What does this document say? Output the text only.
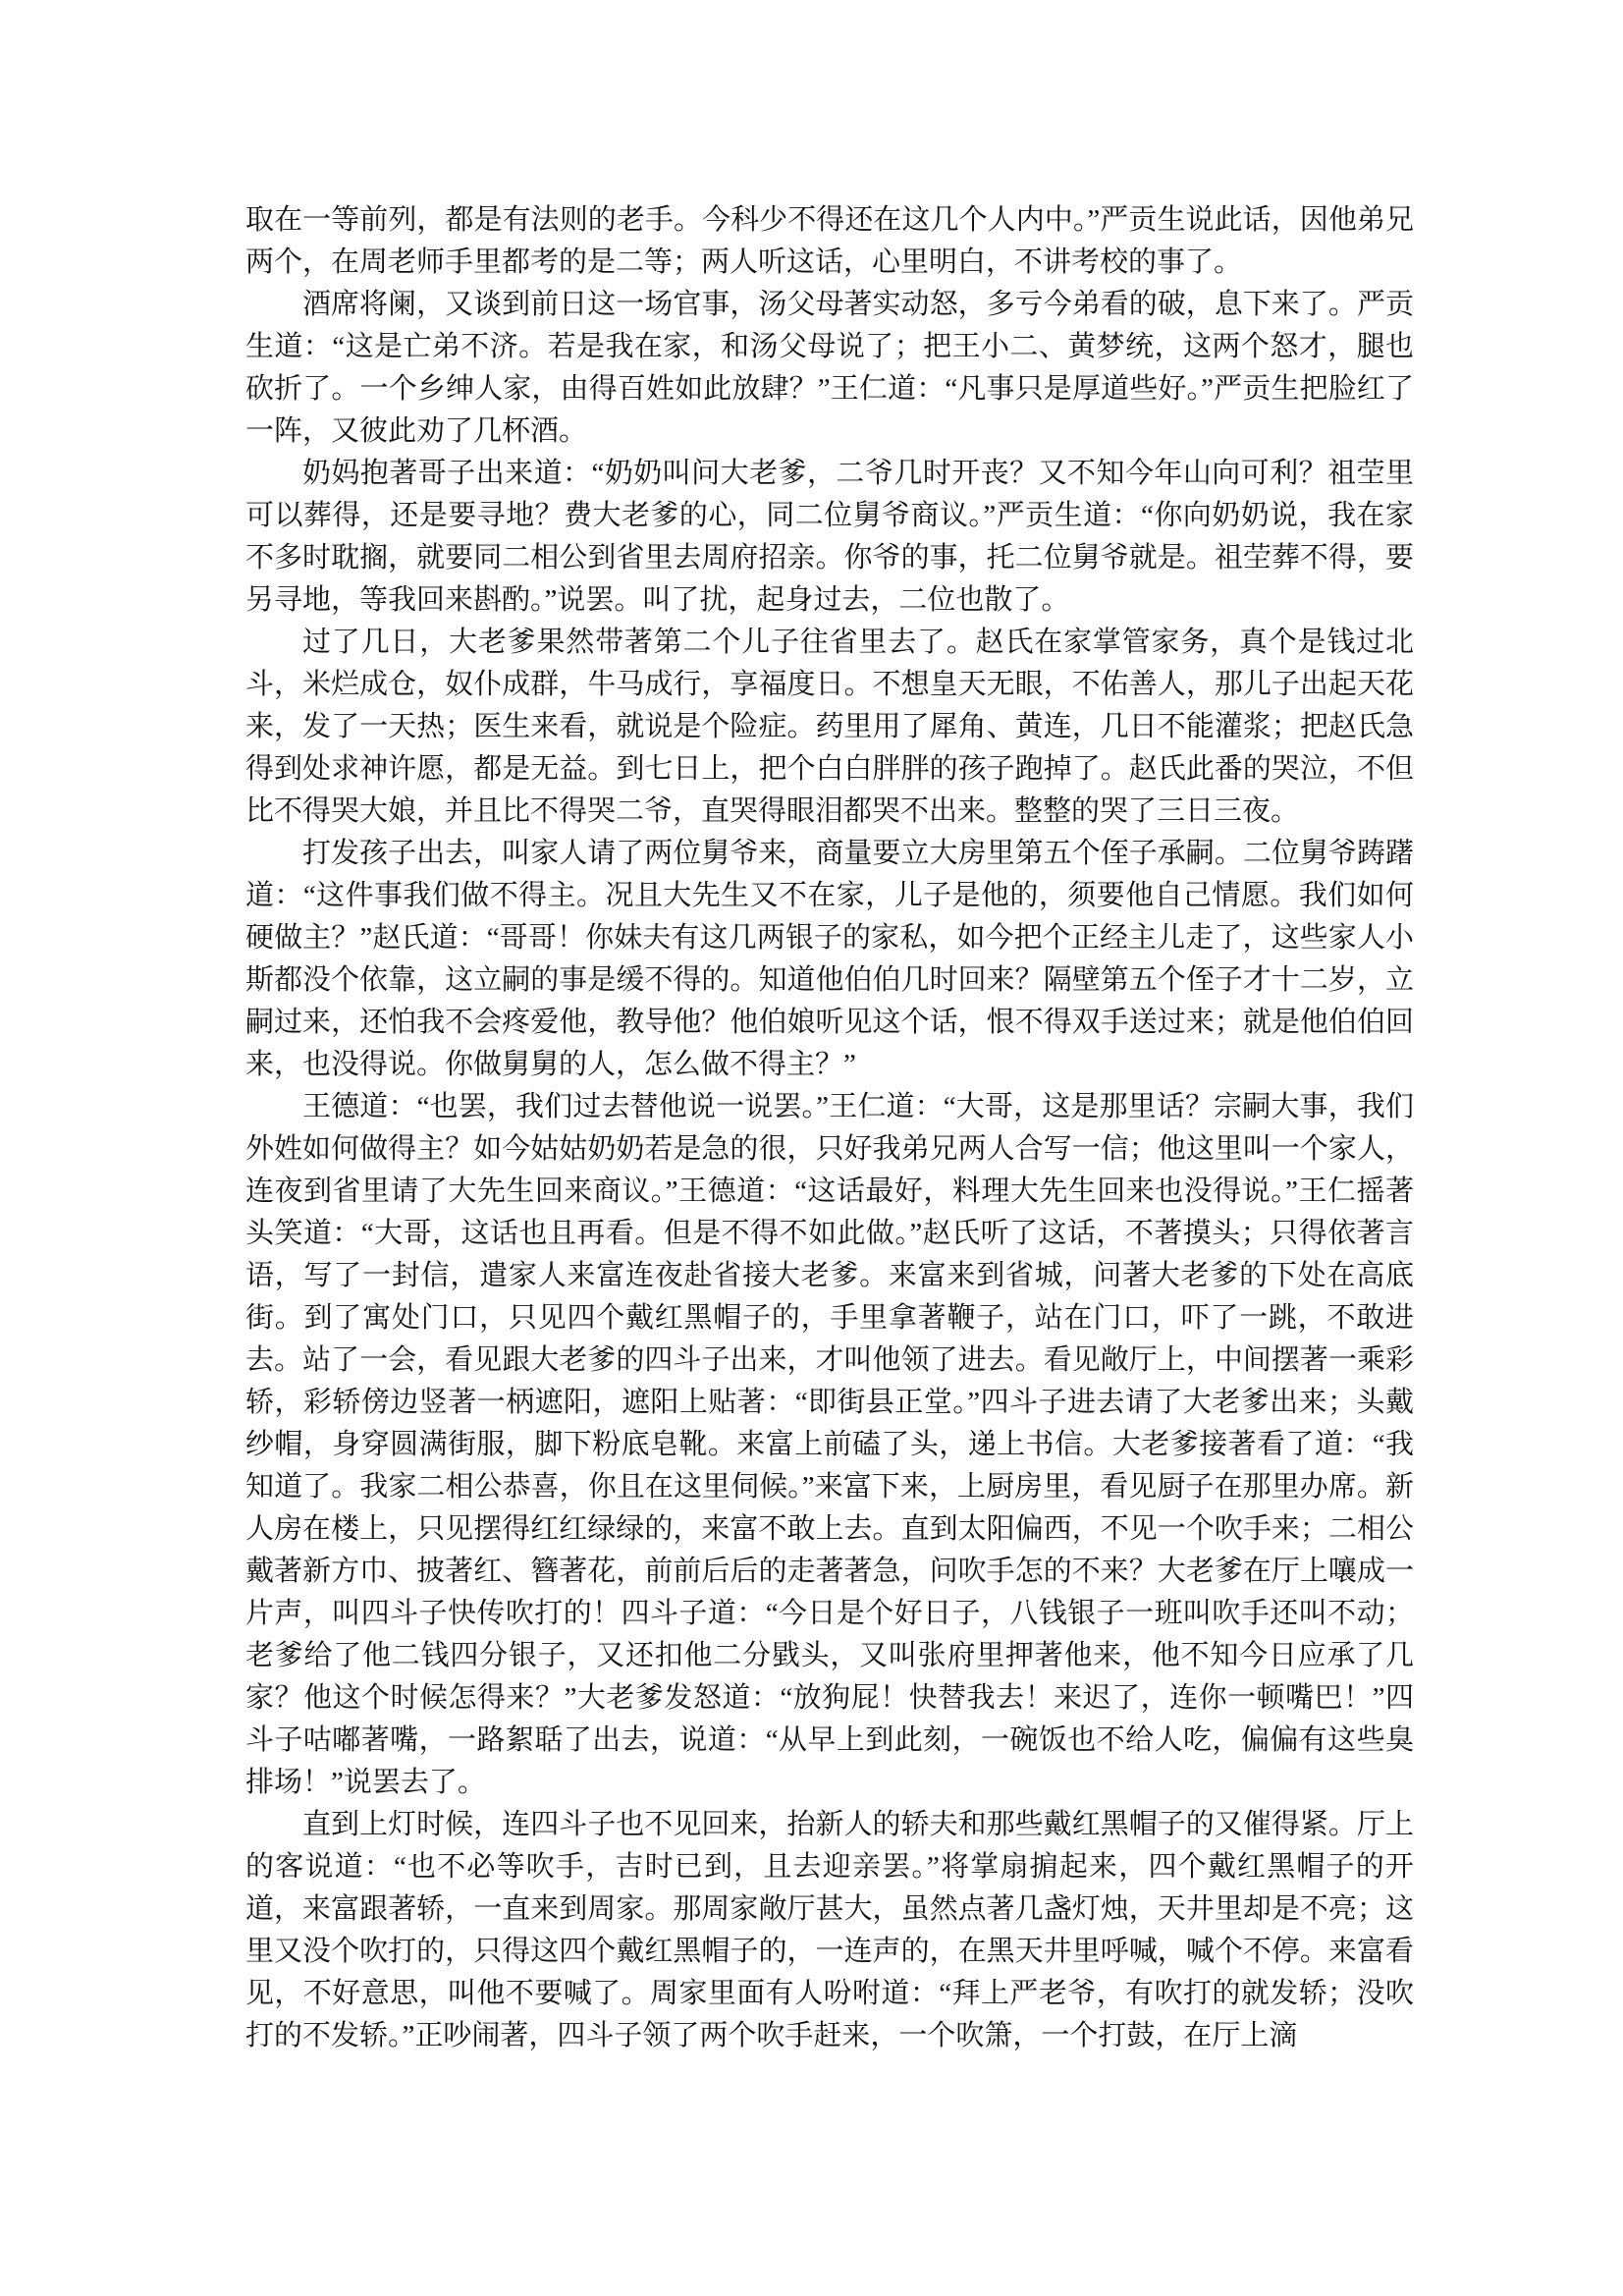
取在一等前列，都是有法则的老手。今科少不得还在这几个人内中。”严贡生说此话，因他弟兄两个，在周老师手里都考的是二等；两人听这话，心里明白，不讲考校的事了。

酒席将阑，又谈到前日这一场官事，汤父母著实动怒，多亏今弟看的破，息下来了。严贡生道：“这是亡弟不济。若是我在家，和汤父母说了；把王小二、黄梦统，这两个怒才，腿也砍折了。一个乡绅人家，由得百姓如此放肆？”王仁道：“凡事只是厚道些好。”严贡生把脸红了一阵，又彼此劝了几杯酒。

奶妈抱著哥子出来道：“奶奶叫问大老爹，二爷几时开丧？又不知今年山向可利？祖茔里可以葬得，还是要寻地？费大老爹的心，同二位舅爷商议。”严贡生道：“你向奶奶说，我在家不多时耽搁，就要同二相公到省里去周府招亲。你爷的事，托二位舅爷就是。祖茔葬不得，要另寻地，等我回来斟酌。”说罢。叫了扰，起身过去，二位也散了。

过了几日，大老爹果然带著第二个儿子往省里去了。赵氏在家掌管家务，真个是钱过北斗，米烂成仓，奴仆成群，牛马成行，享福度日。不想皇天无眼，不佑善人，那儿子出起天花来，发了一天热；医生来看，就说是个险症。药里用了犀角、黄连，几日不能灌浆；把赵氏急得到处求神许愿，都是无益。到七日上，把个白白胖胖的孩子跑掉了。赵氏此番的哭泣，不但比不得哭大娘，并且比不得哭二爷，直哭得眼泪都哭不出来。整整的哭了三日三夜。

打发孩子出去，叫家人请了两位舅爷来，商量要立大房里第五个侄子承嗣。二位舅爷踌躇道：“这件事我们做不得主。况且大先生又不在家，儿子是他的，须要他自己情愿。我们如何硬做主？”赵氏道：“哥哥！你妹夫有这几两银子的家私，如今把个正经主儿走了，这些家人小斯都没个依靠，这立嗣的事是缓不得的。知道他伯伯几时回来？隔壁第五个侄子才十二岁，立嗣过来，还怕我不会疼爱他，教导他？他伯娘听见这个话，恨不得双手送过来；就是他伯伯回来，也没得说。你做舅舅的人，怎么做不得主？”

王德道：“也罢，我们过去替他说一说罢。”王仁道：“大哥，这是那里话？宗嗣大事，我们外姓如何做得主？如今姑姑奶奶若是急的很，只好我弟兄两人合写一信；他这里叫一个家人，连夜到省里请了大先生回来商议。”王德道：“这话最好，料理大先生回来也没得说。”王仁摇著头笑道：“大哥，这话也且再看。但是不得不如此做。”赵氏听了这话，不著摸头；只得依著言语，写了一封信，遣家人来富连夜赴省接大老爹。来富来到省城，问著大老爹的下处在高底街。到了寓处门口，只见四个戴红黑帽子的，手里拿著鞭子，站在门口，吓了一跳，不敢进去。站了一会，看见跟大老爹的四斗子出来，才叫他领了进去。看见敞厅上，中间摆著一乘彩轿，彩轿傍边竖著一柄遮阳，遮阳上贴著：“即街县正堂。”四斗子进去请了大老爹出来；头戴纱帽，身穿圆满街服，脚下粉底皂靴。来富上前磕了头，递上书信。大老爹接著看了道：“我知道了。我家二相公恭喜，你且在这里伺候。”来富下来，上厨房里，看见厨子在那里办席。新人房在楼上，只见摆得红红绿绿的，来富不敢上去。直到太阳偏西，不见一个吹手来；二相公戴著新方巾、披著红、簪著花，前前后后的走著著急，问吹手怎的不来？大老爹在厅上嚷成一片声，叫四斗子快传吹打的！四斗子道：“今日是个好日子，八钱银子一班叫吹手还叫不动；老爹给了他二钱四分银子，又还扣他二分戥头，又叫张府里押著他来，他不知今日应承了几家？他这个时候怎得来？”大老爹发怒道：“放狗屁！快替我去！来迟了，连你一顿嘴巴！”四斗子咕嘟著嘴，一路絮聒了出去，说道：“从早上到此刻，一碗饭也不给人吃，偏偏有这些臭排场！”说罢去了。

直到上灯时候，连四斗子也不见回来，抬新人的轿夫和那些戴红黑帽子的又催得紧。厅上的客说道：“也不必等吹手，吉时已到，且去迎亲罢。”将掌扇掮起来，四个戴红黑帽子的开道，来富跟著轿，一直来到周家。那周家敞厅甚大，虽然点著几盏灯烛，天井里却是不亮；这里又没个吹打的，只得这四个戴红黑帽子的，一连声的，在黑天井里呼喊，喊个不停。来富看见，不好意思，叫他不要喊了。周家里面有人吩咐道：“拜上严老爷，有吹打的就发轿；没吹打的不发轿。”正吵闹著，四斗子领了两个吹手赶来，一个吹箫，一个打鼓，在厅上滴
